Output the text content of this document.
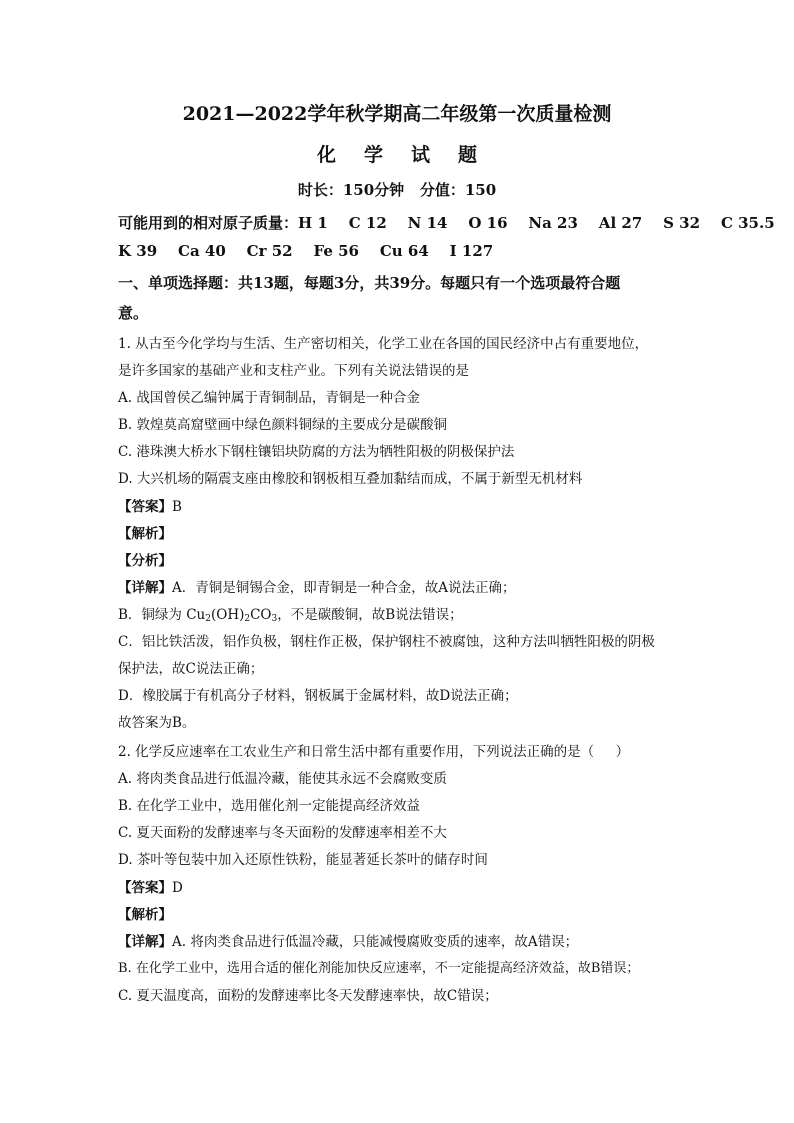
2021—2022学年秋学期高二年级第一次质量检测
化学试题
时长：150分钟   分值：150
可能用到的相对原子质量：H 1    C 12    N 14    O 16    Na 23    Al 27    S 32    C 35.5
K 39    Ca 40    Cr 52    Fe 56    Cu 64    I 127
一、单项选择题：共13题，每题3分，共39分。每题只有一个选项最符合题
意。
1. 从古至今化学均与生活、生产密切相关，化学工业在各国的国民经济中占有重要地位，
是许多国家的基础产业和支柱产业。下列有关说法错误的是
A. 战国曾侯乙编钟属于青铜制品，青铜是一种合金
B. 敦煌莫高窟壁画中绿色颜料铜绿的主要成分是碳酸铜
C. 港珠澳大桥水下钢柱镶铝块防腐的方法为牺牲阳极的阴极保护法
D. 大兴机场的隔震支座由橡胶和钢板相互叠加黏结而成，不属于新型无机材料
【答案】B
【解析】
【分析】
【详解】A．青铜是铜锡合金，即青铜是一种合金，故A说法正确；
B．铜绿为 $Cu_2(OH)_2CO_3$，不是碳酸铜，故B说法错误；
C．铝比铁活泼，铝作负极，钢柱作正极，保护钢柱不被腐蚀，这种方法叫牺牲阳极的阴极
保护法，故C说法正确；
D．橡胶属于有机高分子材料，钢板属于金属材料，故D说法正确；
故答案为B。
2. 化学反应速率在工农业生产和日常生活中都有重要作用，下列说法正确的是（     ）
A. 将肉类食品进行低温冷藏，能使其永远不会腐败变质
B. 在化学工业中，选用催化剂一定能提高经济效益
C. 夏天面粉的发酵速率与冬天面粉的发酵速率相差不大
D. 茶叶等包装中加入还原性铁粉，能显著延长茶叶的储存时间
【答案】D
【解析】
【详解】A. 将肉类食品进行低温冷藏，只能减慢腐败变质的速率，故A错误；
B. 在化学工业中，选用合适的催化剂能加快反应速率，不一定能提高经济效益，故B错误；
C. 夏天温度高，面粉的发酵速率比冬天发酵速率快，故C错误；
